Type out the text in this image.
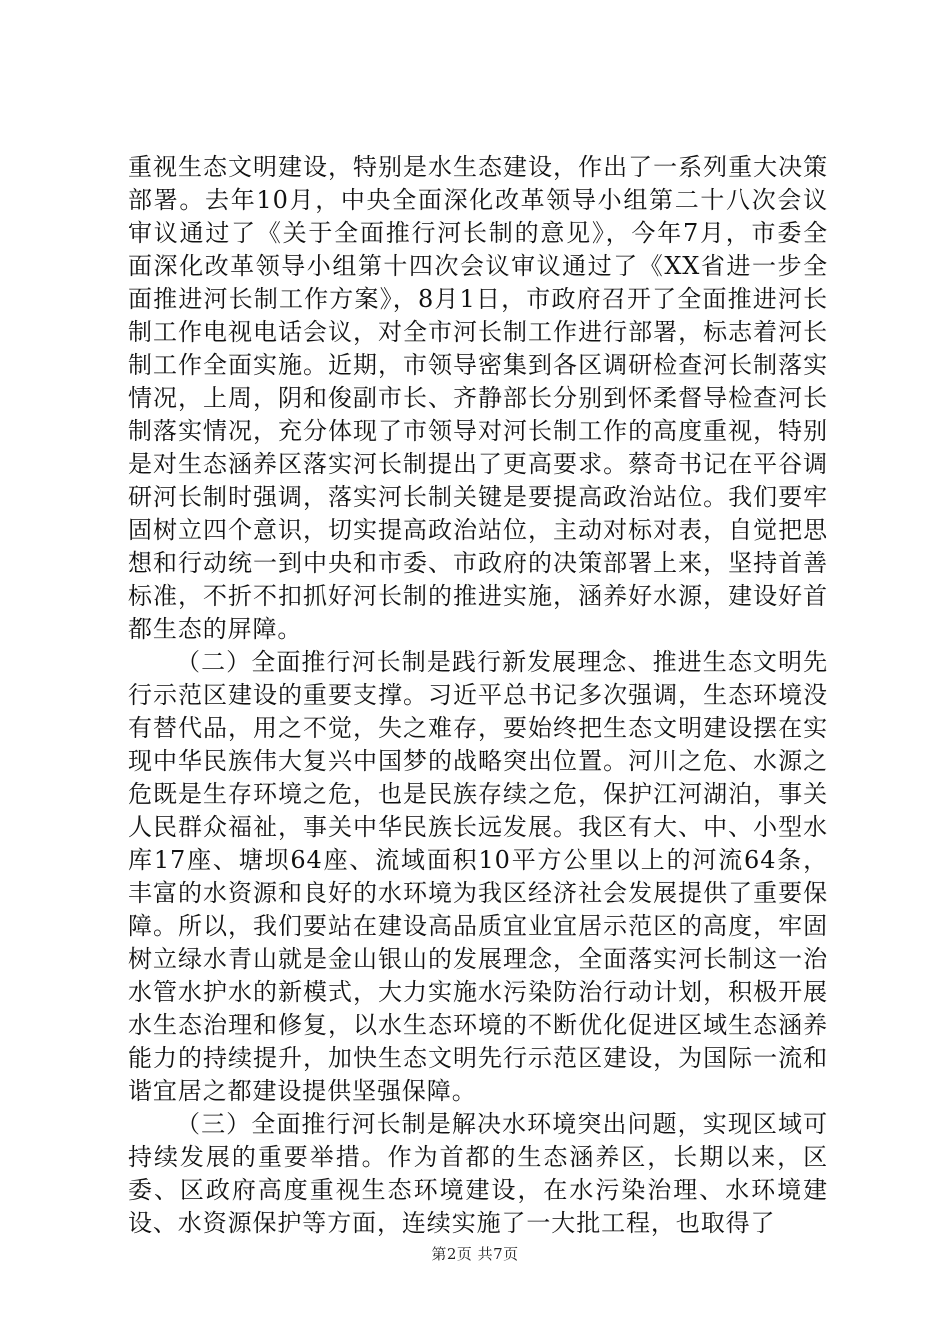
重视生态文明建设，特别是水生态建设，作出了一系列重大决策部署。去年10月，中央全面深化改革领导小组第二十八次会议审议通过了《关于全面推行河长制的意见》，今年7月，市委全面深化改革领导小组第十四次会议审议通过了《XX省进一步全面推进河长制工作方案》，8月1日，市政府召开了全面推进河长制工作电视电话会议，对全市河长制工作进行部署，标志着河长制工作全面实施。近期，市领导密集到各区调研检查河长制落实情况，上周，阴和俊副市长、齐静部长分别到怀柔督导检查河长制落实情况，充分体现了市领导对河长制工作的高度重视，特别是对生态涵养区落实河长制提出了更高要求。蔡奇书记在平谷调研河长制时强调，落实河长制关键是要提高政治站位。我们要牢固树立四个意识，切实提高政治站位，主动对标对表，自觉把思想和行动统一到中央和市委、市政府的决策部署上来，坚持首善标准，不折不扣抓好河长制的推进实施，涵养好水源，建设好首都生态的屏障。

（二）全面推行河长制是践行新发展理念、推进生态文明先行示范区建设的重要支撑。习近平总书记多次强调，生态环境没有替代品，用之不觉，失之难存，要始终把生态文明建设摆在实现中华民族伟大复兴中国梦的战略突出位置。河川之危、水源之危既是生存环境之危，也是民族存续之危，保护江河湖泊，事关人民群众福祉，事关中华民族长远发展。我区有大、中、小型水库17座、塘坝64座、流域面积10平方公里以上的河流64条，丰富的水资源和良好的水环境为我区经济社会发展提供了重要保障。所以，我们要站在建设高品质宜业宜居示范区的高度，牢固树立绿水青山就是金山银山的发展理念，全面落实河长制这一治水管水护水的新模式，大力实施水污染防治行动计划，积极开展水生态治理和修复，以水生态环境的不断优化促进区域生态涵养能力的持续提升，加快生态文明先行示范区建设，为国际一流和谐宜居之都建设提供坚强保障。

（三）全面推行河长制是解决水环境突出问题，实现区域可持续发展的重要举措。作为首都的生态涵养区，长期以来，区委、区政府高度重视生态环境建设，在水污染治理、水环境建设、水资源保护等方面，连续实施了一大批工程，也取得了

第2页 共7页
